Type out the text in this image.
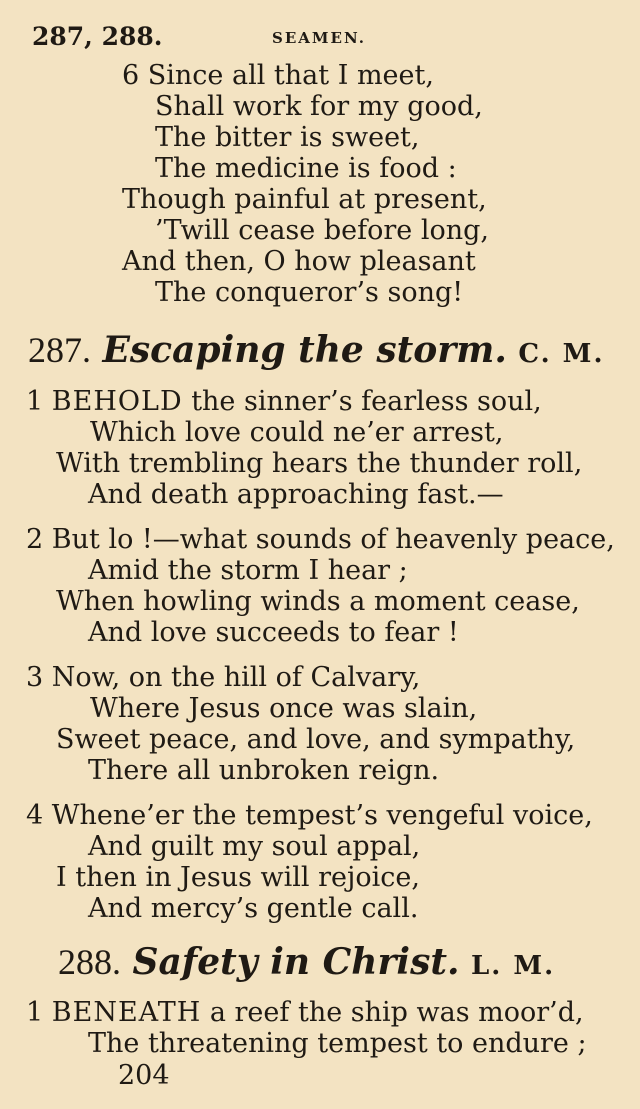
287, 288.	SEAMEN.
6 Since all that I meet,
Shall work for my good,
The bitter is sweet,
The medicine is food :
Though painful at present,
’Twill cease before long,
And then, O how pleasant
The conqueror’s song!
287. Escaping the storm. C. M.
1 BEHOLD the sinner’s fearless soul,
Which love could ne’er arrest,
With trembling hears the thunder roll,
And death approaching fast.—
2 But lo !—what sounds of heavenly peace,
Amid the storm I hear ;
When howling winds a moment cease,
And love succeeds to fear !
3 Now, on the hill of Calvary,
Where Jesus once was slain,
Sweet peace, and love, and sympathy,
There all unbroken reign.
4 Whene’er the tempest’s vengeful voice,
And guilt my soul appal,
I then in Jesus will rejoice,
And mercy’s gentle call.
288. Safety in Christ. L. M.
1 BENEATH a reef the ship was moor’d,
The threatening tempest to endure ;
204
